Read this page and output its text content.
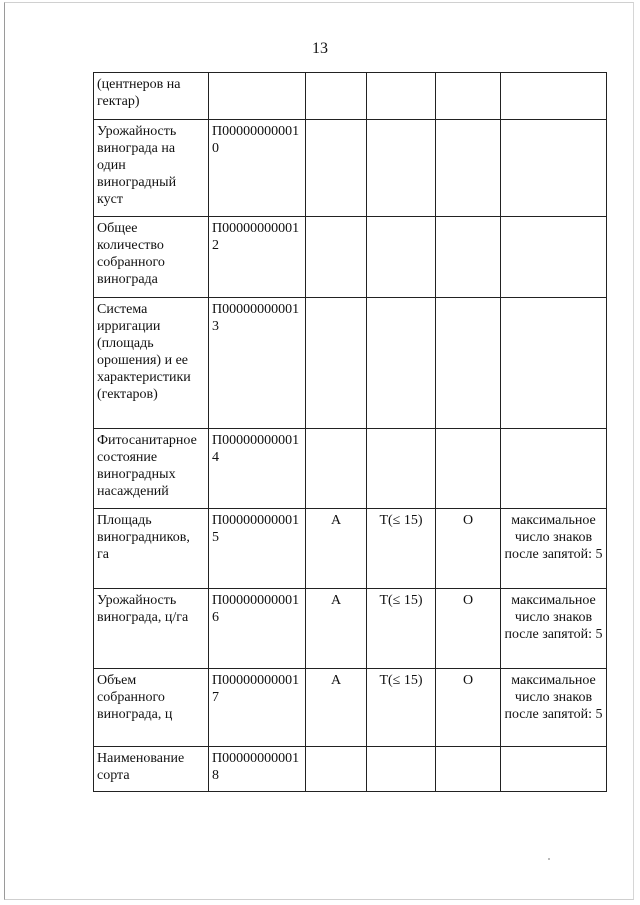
13
(центнеров на гектар)					
Урожайность винограда на один виноградный куст	П000000000010				
Общее количество собранного винограда	П000000000012				
Система ирригации (площадь орошения) и ее характеристики (гектаров)	П000000000013				
Фитосанитарное состояние виноградных насаждений	П000000000014				
Площадь виноградников, га	П000000000015	А	Т(≤ 15)	О	максимальное число знаков после запятой: 5
Урожайность винограда, ц/га	П000000000016	А	Т(≤ 15)	О	максимальное число знаков после запятой: 5
Объем собранного винограда, ц	П000000000017	А	Т(≤ 15)	О	максимальное число знаков после запятой: 5
Наименование сорта	П000000000018				
